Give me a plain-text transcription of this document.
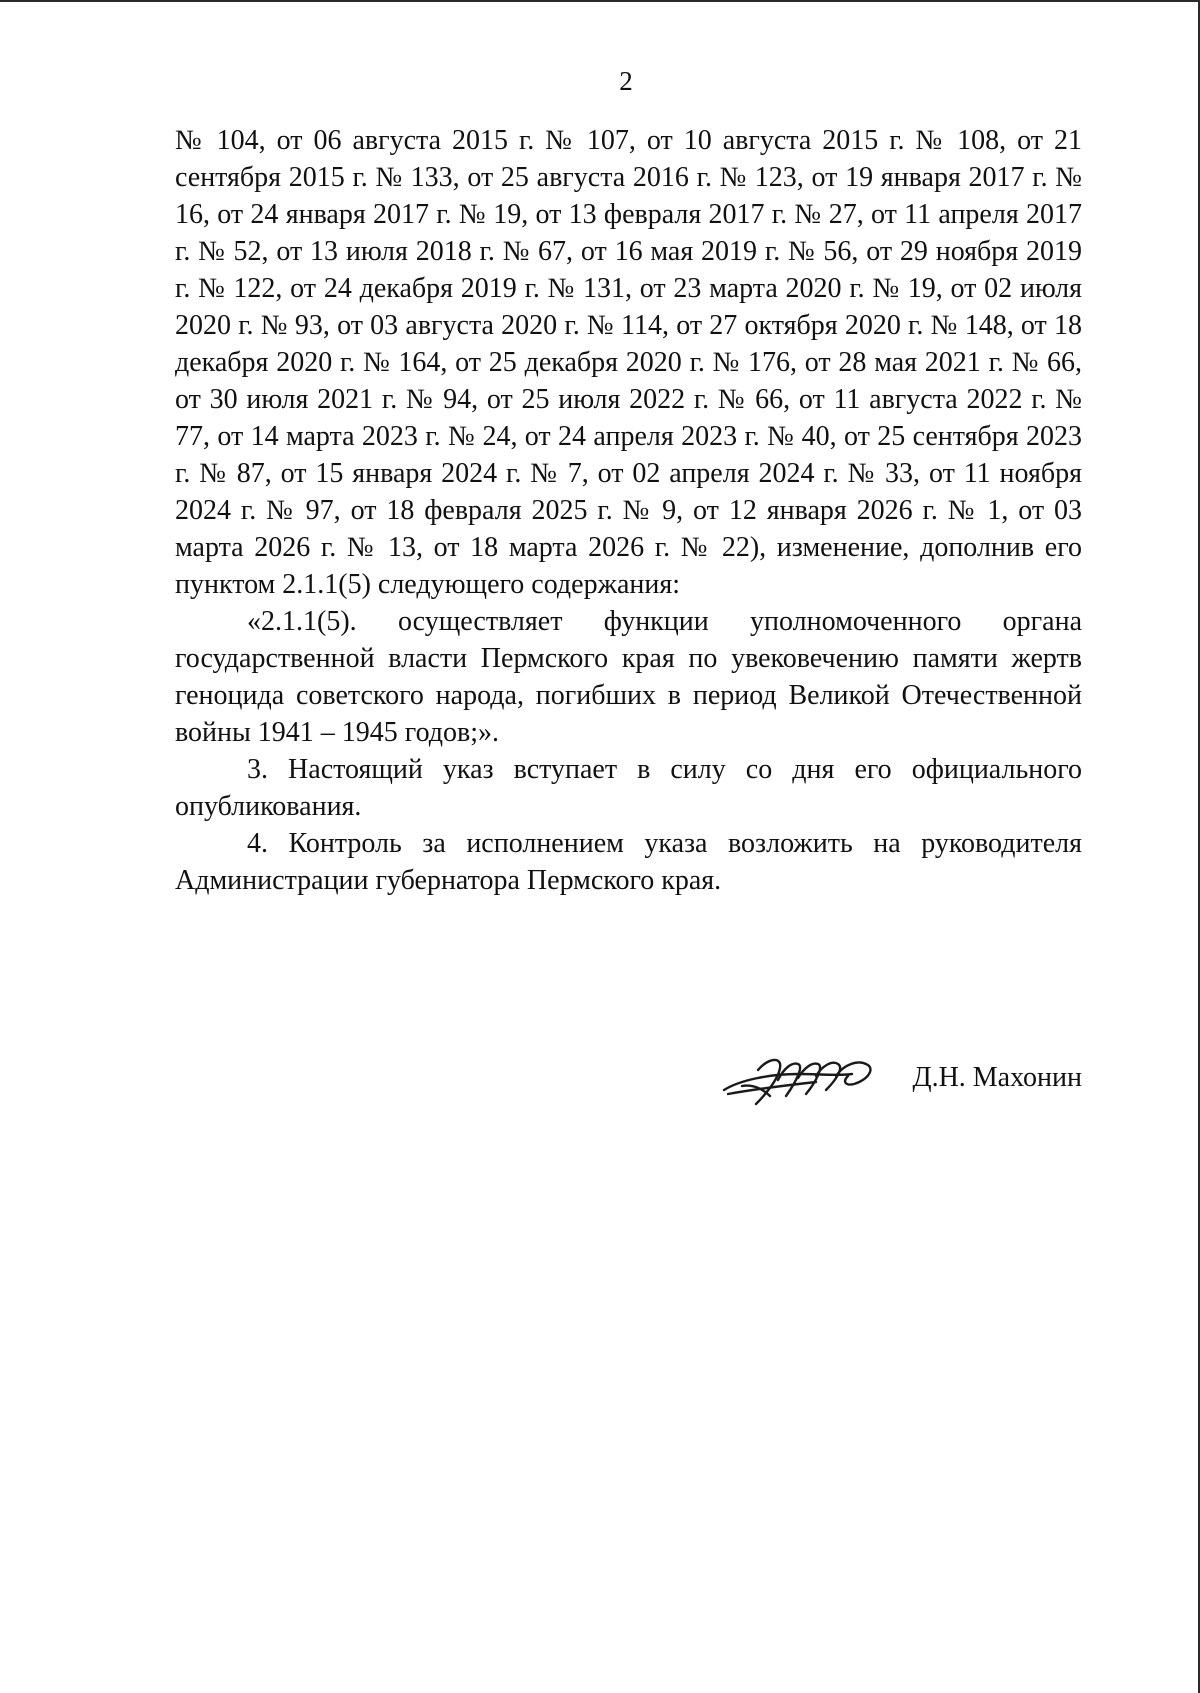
2

№ 104, от 06 августа 2015 г. № 107, от 10 августа 2015 г. № 108, от 21 сентября 2015 г. № 133, от 25 августа 2016 г. № 123, от 19 января 2017 г. № 16, от 24 января 2017 г. № 19, от 13 февраля 2017 г. № 27, от 11 апреля 2017 г. № 52, от 13 июля 2018 г. № 67, от 16 мая 2019 г. № 56, от 29 ноября 2019 г. № 122, от 24 декабря 2019 г. № 131, от 23 марта 2020 г. № 19, от 02 июля 2020 г. № 93, от 03 августа 2020 г. № 114, от 27 октября 2020 г. № 148, от 18 декабря 2020 г. № 164, от 25 декабря 2020 г. № 176, от 28 мая 2021 г. № 66, от 30 июля 2021 г. № 94, от 25 июля 2022 г. № 66, от 11 августа 2022 г. № 77, от 14 марта 2023 г. № 24, от 24 апреля 2023 г. № 40, от 25 сентября 2023 г. № 87, от 15 января 2024 г. № 7, от 02 апреля 2024 г. № 33, от 11 ноября 2024 г. № 97, от 18 февраля 2025 г. № 9, от 12 января 2026 г. № 1, от 03 марта 2026 г. № 13, от 18 марта 2026 г. № 22), изменение, дополнив его пунктом 2.1.1(5) следующего содержания:

«2.1.1(5). осуществляет функции уполномоченного органа государственной власти Пермского края по увековечению памяти жертв геноцида советского народа, погибших в период Великой Отечественной войны 1941 – 1945 годов;».

3. Настоящий указ вступает в силу со дня его официального опубликования.

4. Контроль за исполнением указа возложить на руководителя Администрации губернатора Пермского края.

Д.Н. Махонин
